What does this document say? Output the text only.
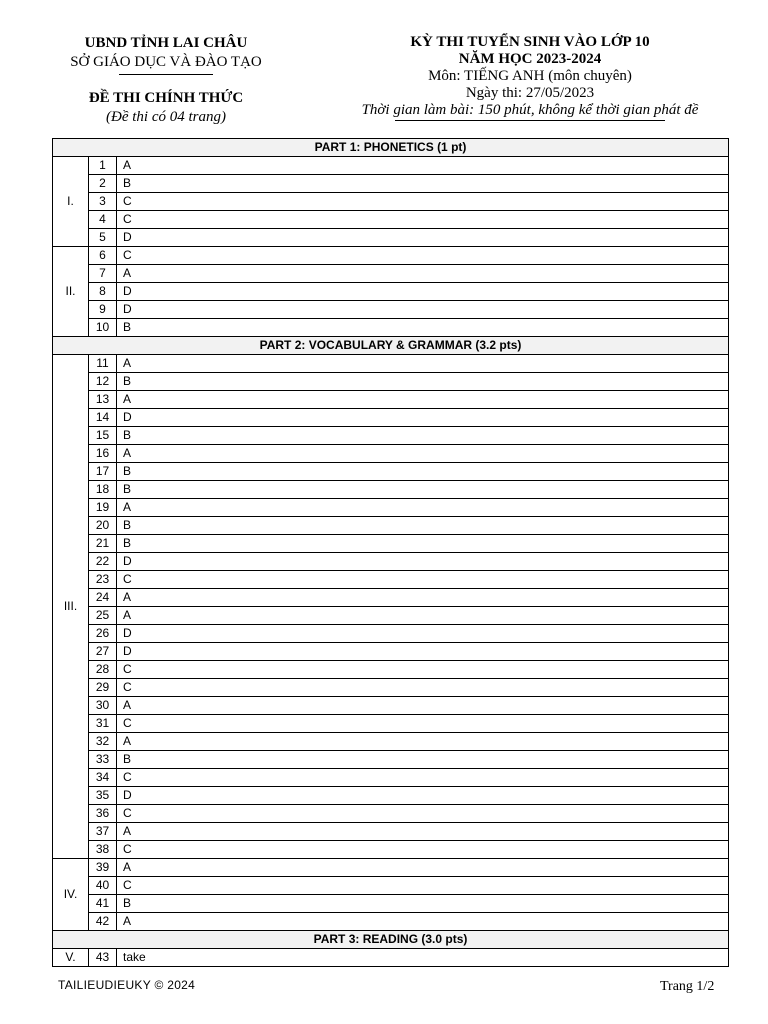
UBND TỈNH LAI CHÂU
SỞ GIÁO DỤC VÀ ĐÀO TẠO
ĐỀ THI CHÍNH THỨC
(Đề thi có 04 trang)
KỲ THI TUYỂN SINH VÀO LỚP 10
NĂM HỌC 2023-2024
Môn: TIẾNG ANH (môn chuyên)
Ngày thi: 27/05/2023
Thời gian làm bài: 150 phút, không kể thời gian phát đề
PART 1: PHONETICS (1 pt)		
I.	1	A
	2	B
	3	C
	4	C
	5	D
II.	6	C
	7	A
	8	D
	9	D
	10	B
PART 2: VOCABULARY & GRAMMAR (3.2 pts)		
III.	11	A
	12	B
	13	A
	14	D
	15	B
	16	A
	17	B
	18	B
	19	A
	20	B
	21	B
	22	D
	23	C
	24	A
	25	A
	26	D
	27	D
	28	C
	29	C
	30	A
	31	C
	32	A
	33	B
	34	C
	35	D
	36	C
	37	A
	38	C
IV.	39	A
	40	C
	41	B
	42	A
PART 3: READING (3.0 pts)		
V.	43	take
TAILIEUDIEUKY © 2024	Trang 1/2
